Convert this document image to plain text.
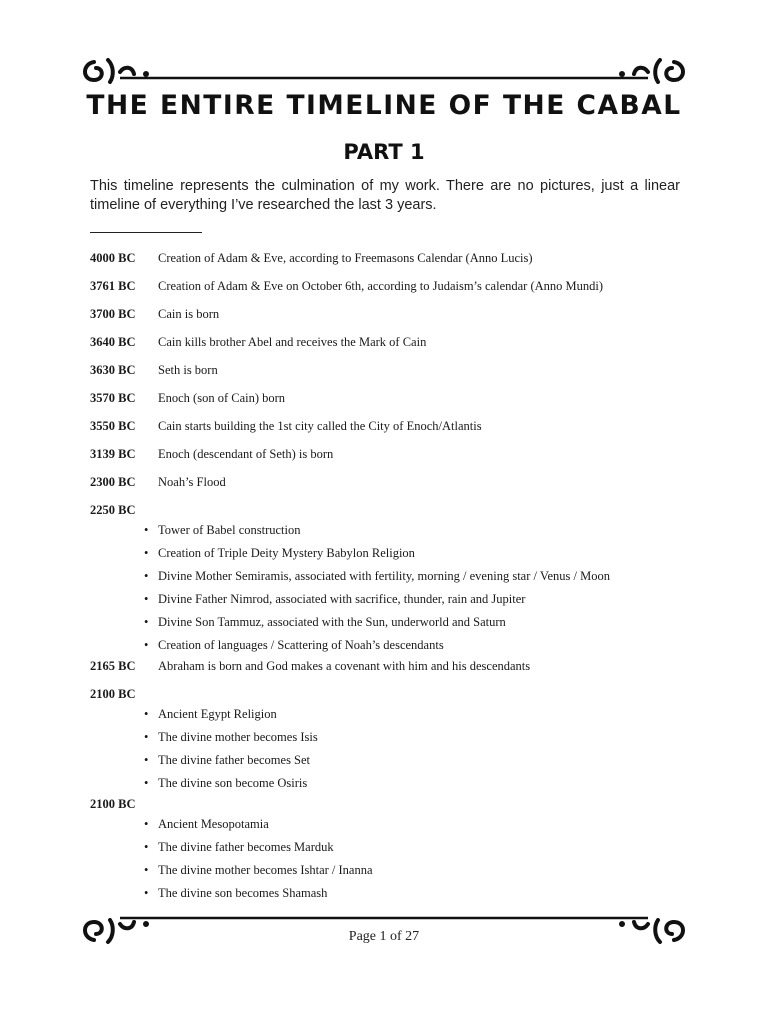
THE ENTIRE TIMELINE OF THE CABAL
PART 1
This timeline represents the culmination of my work. There are no pictures, just a linear timeline of everything I’ve researched the last 3 years.
4000 BC	Creation of Adam & Eve, according to Freemasons Calendar (Anno Lucis)
3761 BC	Creation of Adam & Eve on October 6th, according to Judaism’s calendar (Anno Mundi)
3700 BC	Cain is born
3640 BC	Cain kills brother Abel and receives the Mark of Cain
3630 BC	Seth is born
3570 BC	Enoch (son of Cain) born
3550 BC	Cain starts building the 1st city called the City of Enoch/Atlantis
3139 BC	Enoch (descendant of Seth) is born
2300 BC	Noah’s Flood
2250 BC
• Tower of Babel construction
• Creation of Triple Deity Mystery Babylon Religion
• Divine Mother Semiramis, associated with fertility, morning / evening star / Venus / Moon
• Divine Father Nimrod, associated with sacrifice, thunder, rain and Jupiter
• Divine Son Tammuz, associated with the Sun, underworld and Saturn
• Creation of languages / Scattering of Noah’s descendants
2165 BC	Abraham is born and God makes a covenant with him and his descendants
2100 BC
• Ancient Egypt Religion
• The divine mother becomes Isis
• The divine father becomes Set
• The divine son become Osiris
2100 BC
• Ancient Mesopotamia
• The divine father becomes Marduk
• The divine mother becomes Ishtar / Inanna
• The divine son becomes Shamash
Page 1 of 27
